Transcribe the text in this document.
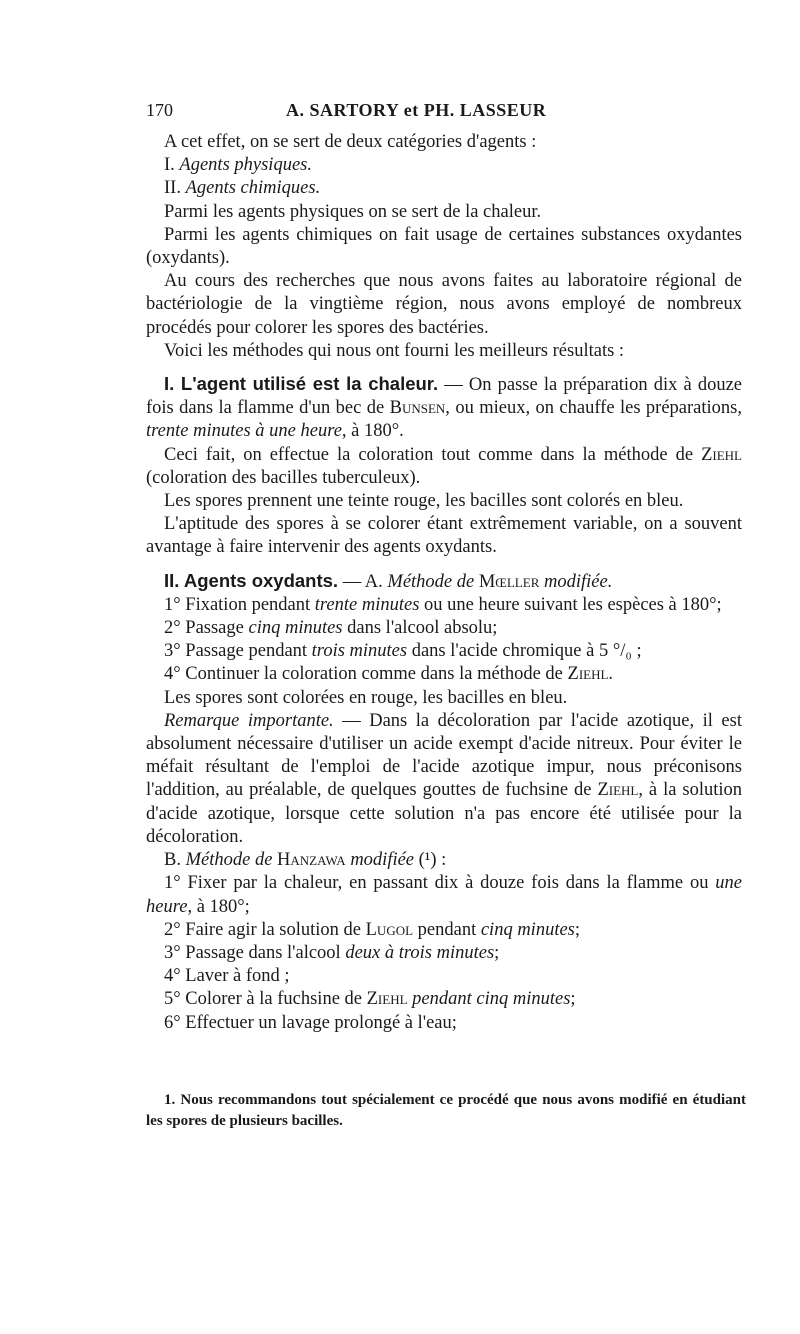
170	A. SARTORY et PH. LASSEUR

A cet effet, on se sert de deux catégories d'agents :

I. Agents physiques.

II. Agents chimiques.

Parmi les agents physiques on se sert de la chaleur.

Parmi les agents chimiques on fait usage de certaines substances oxydantes (oxydants).

Au cours des recherches que nous avons faites au laboratoire régional de bactériologie de la vingtième région, nous avons employé de nombreux procédés pour colorer les spores des bactéries.

Voici les méthodes qui nous ont fourni les meilleurs résultats :

I. L'agent utilisé est la chaleur. — On passe la préparation dix à douze fois dans la flamme d'un bec de Bunsen, ou mieux, on chauffe les préparations, trente minutes à une heure, à 180°.

Ceci fait, on effectue la coloration tout comme dans la méthode de Ziehl (coloration des bacilles tuberculeux).

Les spores prennent une teinte rouge, les bacilles sont colorés en bleu.

L'aptitude des spores à se colorer étant extrêmement variable, on a souvent avantage à faire intervenir des agents oxydants.

II. Agents oxydants. — A. Méthode de Mœller modifiée.

1° Fixation pendant trente minutes ou une heure suivant les espèces à 180°;

2° Passage cinq minutes dans l'alcool absolu;

3° Passage pendant trois minutes dans l'acide chromique à 5 °/₀ ;

4° Continuer la coloration comme dans la méthode de Ziehl.

Les spores sont colorées en rouge, les bacilles en bleu.

Remarque importante. — Dans la décoloration par l'acide azotique, il est absolument nécessaire d'utiliser un acide exempt d'acide nitreux. Pour éviter le méfait résultant de l'emploi de l'acide azotique impur, nous préconisons l'addition, au préalable, de quelques gouttes de fuchsine de Ziehl, à la solution d'acide azotique, lorsque cette solution n'a pas encore été utilisée pour la décoloration.

B. Méthode de Hanzawa modifiée (¹) :

1° Fixer par la chaleur, en passant dix à douze fois dans la flamme ou une heure, à 180°;

2° Faire agir la solution de Lugol pendant cinq minutes;

3° Passage dans l'alcool deux à trois minutes;

4° Laver à fond ;

5° Colorer à la fuchsine de Ziehl pendant cinq minutes;

6° Effectuer un lavage prolongé à l'eau;

1. Nous recommandons tout spécialement ce procédé que nous avons modifié en étudiant les spores de plusieurs bacilles.
